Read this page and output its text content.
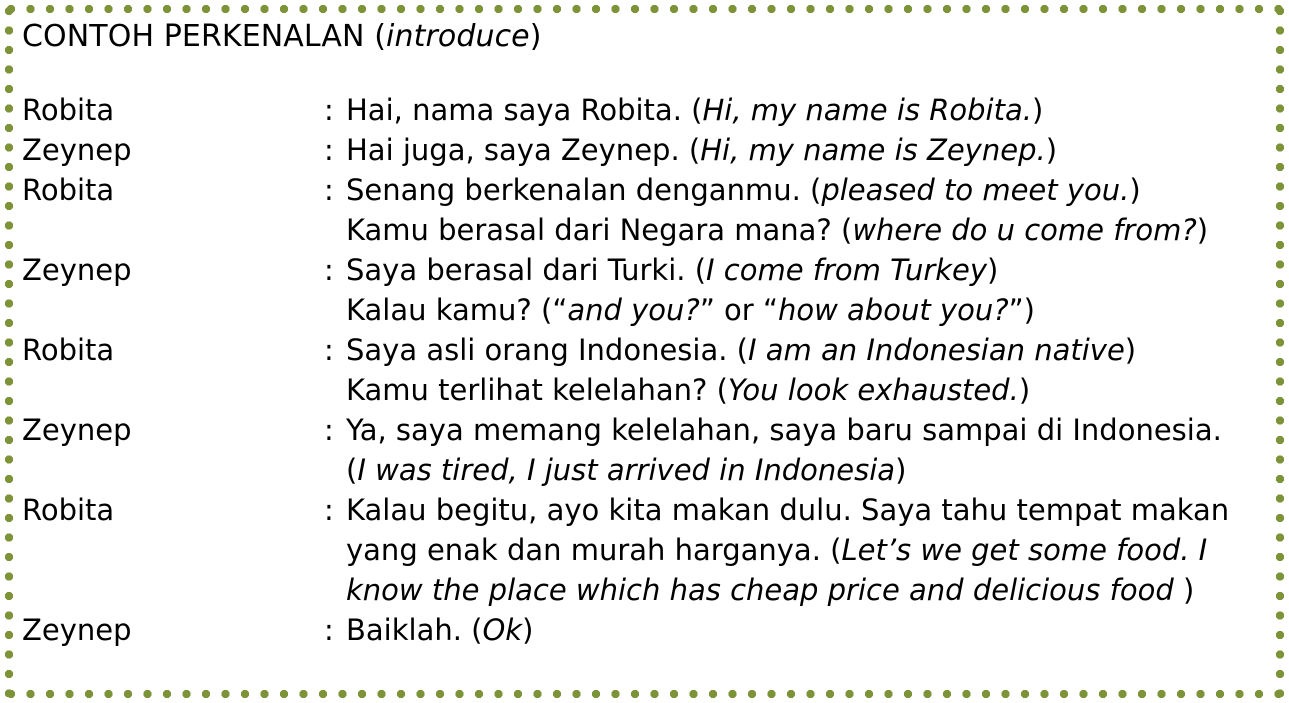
CONTOH PERKENALAN (introduce)
Robita	: Hai, nama saya Robita. (Hi, my name is Robita.)
Zeynep	: Hai juga, saya Zeynep. (Hi, my name is Zeynep.)
Robita	: Senang berkenalan denganmu. (pleased to meet you.)
Kamu berasal dari Negara mana? (where do u come from?)
Zeynep	: Saya berasal dari Turki. (I come from Turkey)
Kalau kamu? (“and you?” or “how about you?”)
Robita	: Saya asli orang Indonesia. (I am an Indonesian native)
Kamu terlihat kelelahan? (You look exhausted.)
Zeynep	: Ya, saya memang kelelahan, saya baru sampai di Indonesia.
(I was tired, I just arrived in Indonesia)
Robita	: Kalau begitu, ayo kita makan dulu. Saya tahu tempat makan
yang enak dan murah harganya. (Let’s we get some food. I
know the place which has cheap price and delicious food )
Zeynep	: Baiklah. (Ok)
